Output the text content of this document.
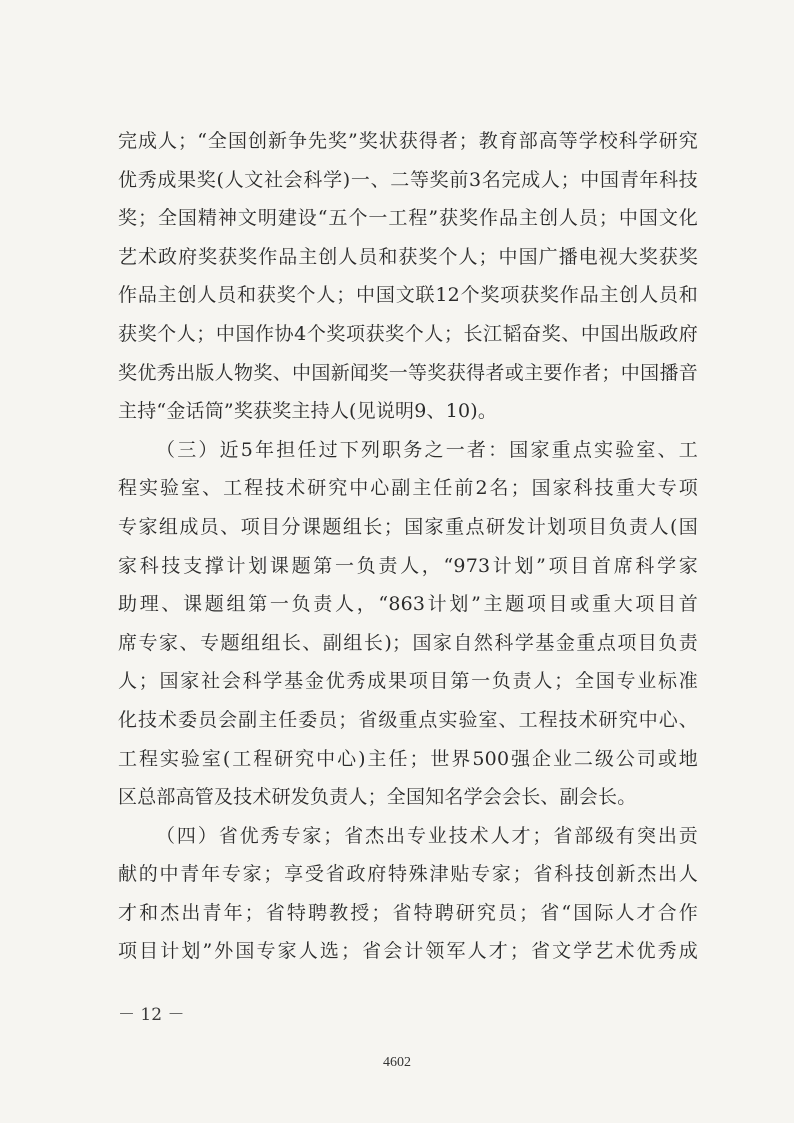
完成人；“全国创新争先奖”奖状获得者；教育部高等学校科学研究
优秀成果奖(人文社会科学)一、二等奖前3名完成人；中国青年科技
奖；全国精神文明建设“五个一工程”获奖作品主创人员；中国文化
艺术政府奖获奖作品主创人员和获奖个人；中国广播电视大奖获奖
作品主创人员和获奖个人；中国文联12个奖项获奖作品主创人员和
获奖个人；中国作协4个奖项获奖个人；长江韬奋奖、中国出版政府
奖优秀出版人物奖、中国新闻奖一等奖获得者或主要作者；中国播音
主持“金话筒”奖获奖主持人(见说明9、10)。
（三）近5年担任过下列职务之一者：国家重点实验室、工
程实验室、工程技术研究中心副主任前2名；国家科技重大专项
专家组成员、项目分课题组长；国家重点研发计划项目负责人(国
家科技支撑计划课题第一负责人，“973计划”项目首席科学家
助理、课题组第一负责人，“863计划”主题项目或重大项目首
席专家、专题组组长、副组长)；国家自然科学基金重点项目负责
人；国家社会科学基金优秀成果项目第一负责人；全国专业标准
化技术委员会副主任委员；省级重点实验室、工程技术研究中心、
工程实验室(工程研究中心)主任；世界500强企业二级公司或地
区总部高管及技术研发负责人；全国知名学会会长、副会长。
（四）省优秀专家；省杰出专业技术人才；省部级有突出贡
献的中青年专家；享受省政府特殊津贴专家；省科技创新杰出人
才和杰出青年；省特聘教授；省特聘研究员；省“国际人才合作
项目计划”外国专家人选；省会计领军人才；省文学艺术优秀成
－ 12 －
4602
